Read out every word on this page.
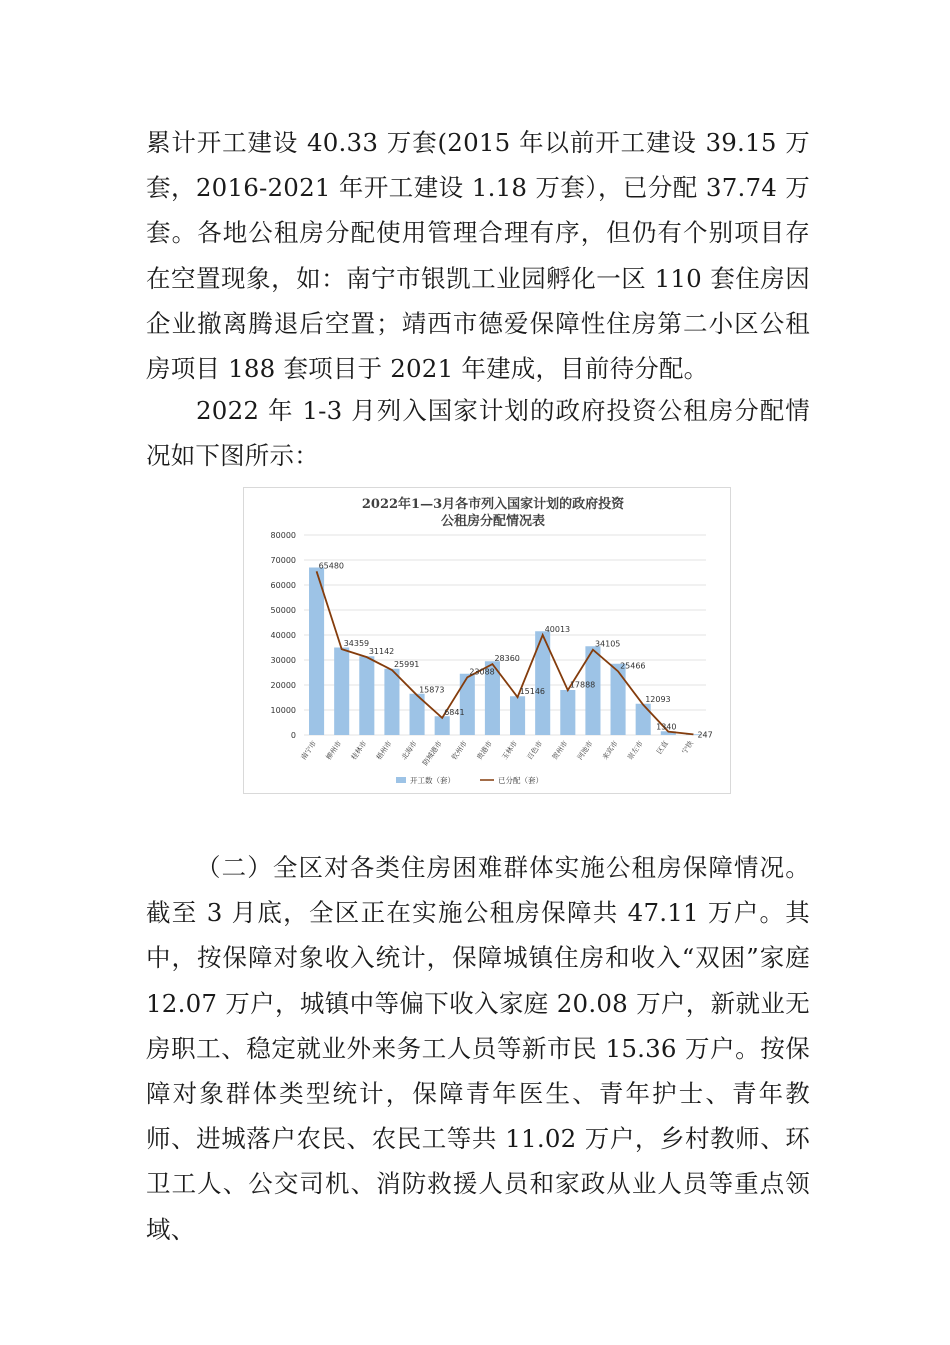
累计开工建设 40.33 万套(2015 年以前开工建设 39.15 万套，2016-2021 年开工建设 1.18 万套），已分配 37.74 万套。各地公租房分配使用管理合理有序，但仍有个别项目存在空置现象，如：南宁市银凯工业园孵化一区 110 套住房因企业撤离腾退后空置；靖西市德爱保障性住房第二小区公租房项目 188 套项目于 2021 年建成，目前待分配。

2022 年 1-3 月列入国家计划的政府投资公租房分配情况如下图所示：

2022年1—3月各市列入国家计划的政府投资
公租房分配情况表
0
10000
20000
30000
40000
50000
60000
70000
80000
65480
34359
31142
25991
15873
6841
23088
28360
15146
40013
17888
34105
25466
12093
1340
247
南宁市 柳州市 桂林市 梧州市 北海市 防城港市 钦州市 贵港市 玉林市 百色市 贺州市 河池市 来宾市 崇左市 区直 宁铁
开工数（套）	已分配（套）

（二）全区对各类住房困难群体实施公租房保障情况。截至 3 月底，全区正在实施公租房保障共 47.11 万户。其中，按保障对象收入统计，保障城镇住房和收入“双困”家庭 12.07 万户，城镇中等偏下收入家庭 20.08 万户，新就业无房职工、稳定就业外来务工人员等新市民 15.36 万户。按保障对象群体类型统计，保障青年医生、青年护士、青年教师、进城落户农民、农民工等共 11.02 万户，乡村教师、环卫工人、公交司机、消防救援人员和家政从业人员等重点领域、
